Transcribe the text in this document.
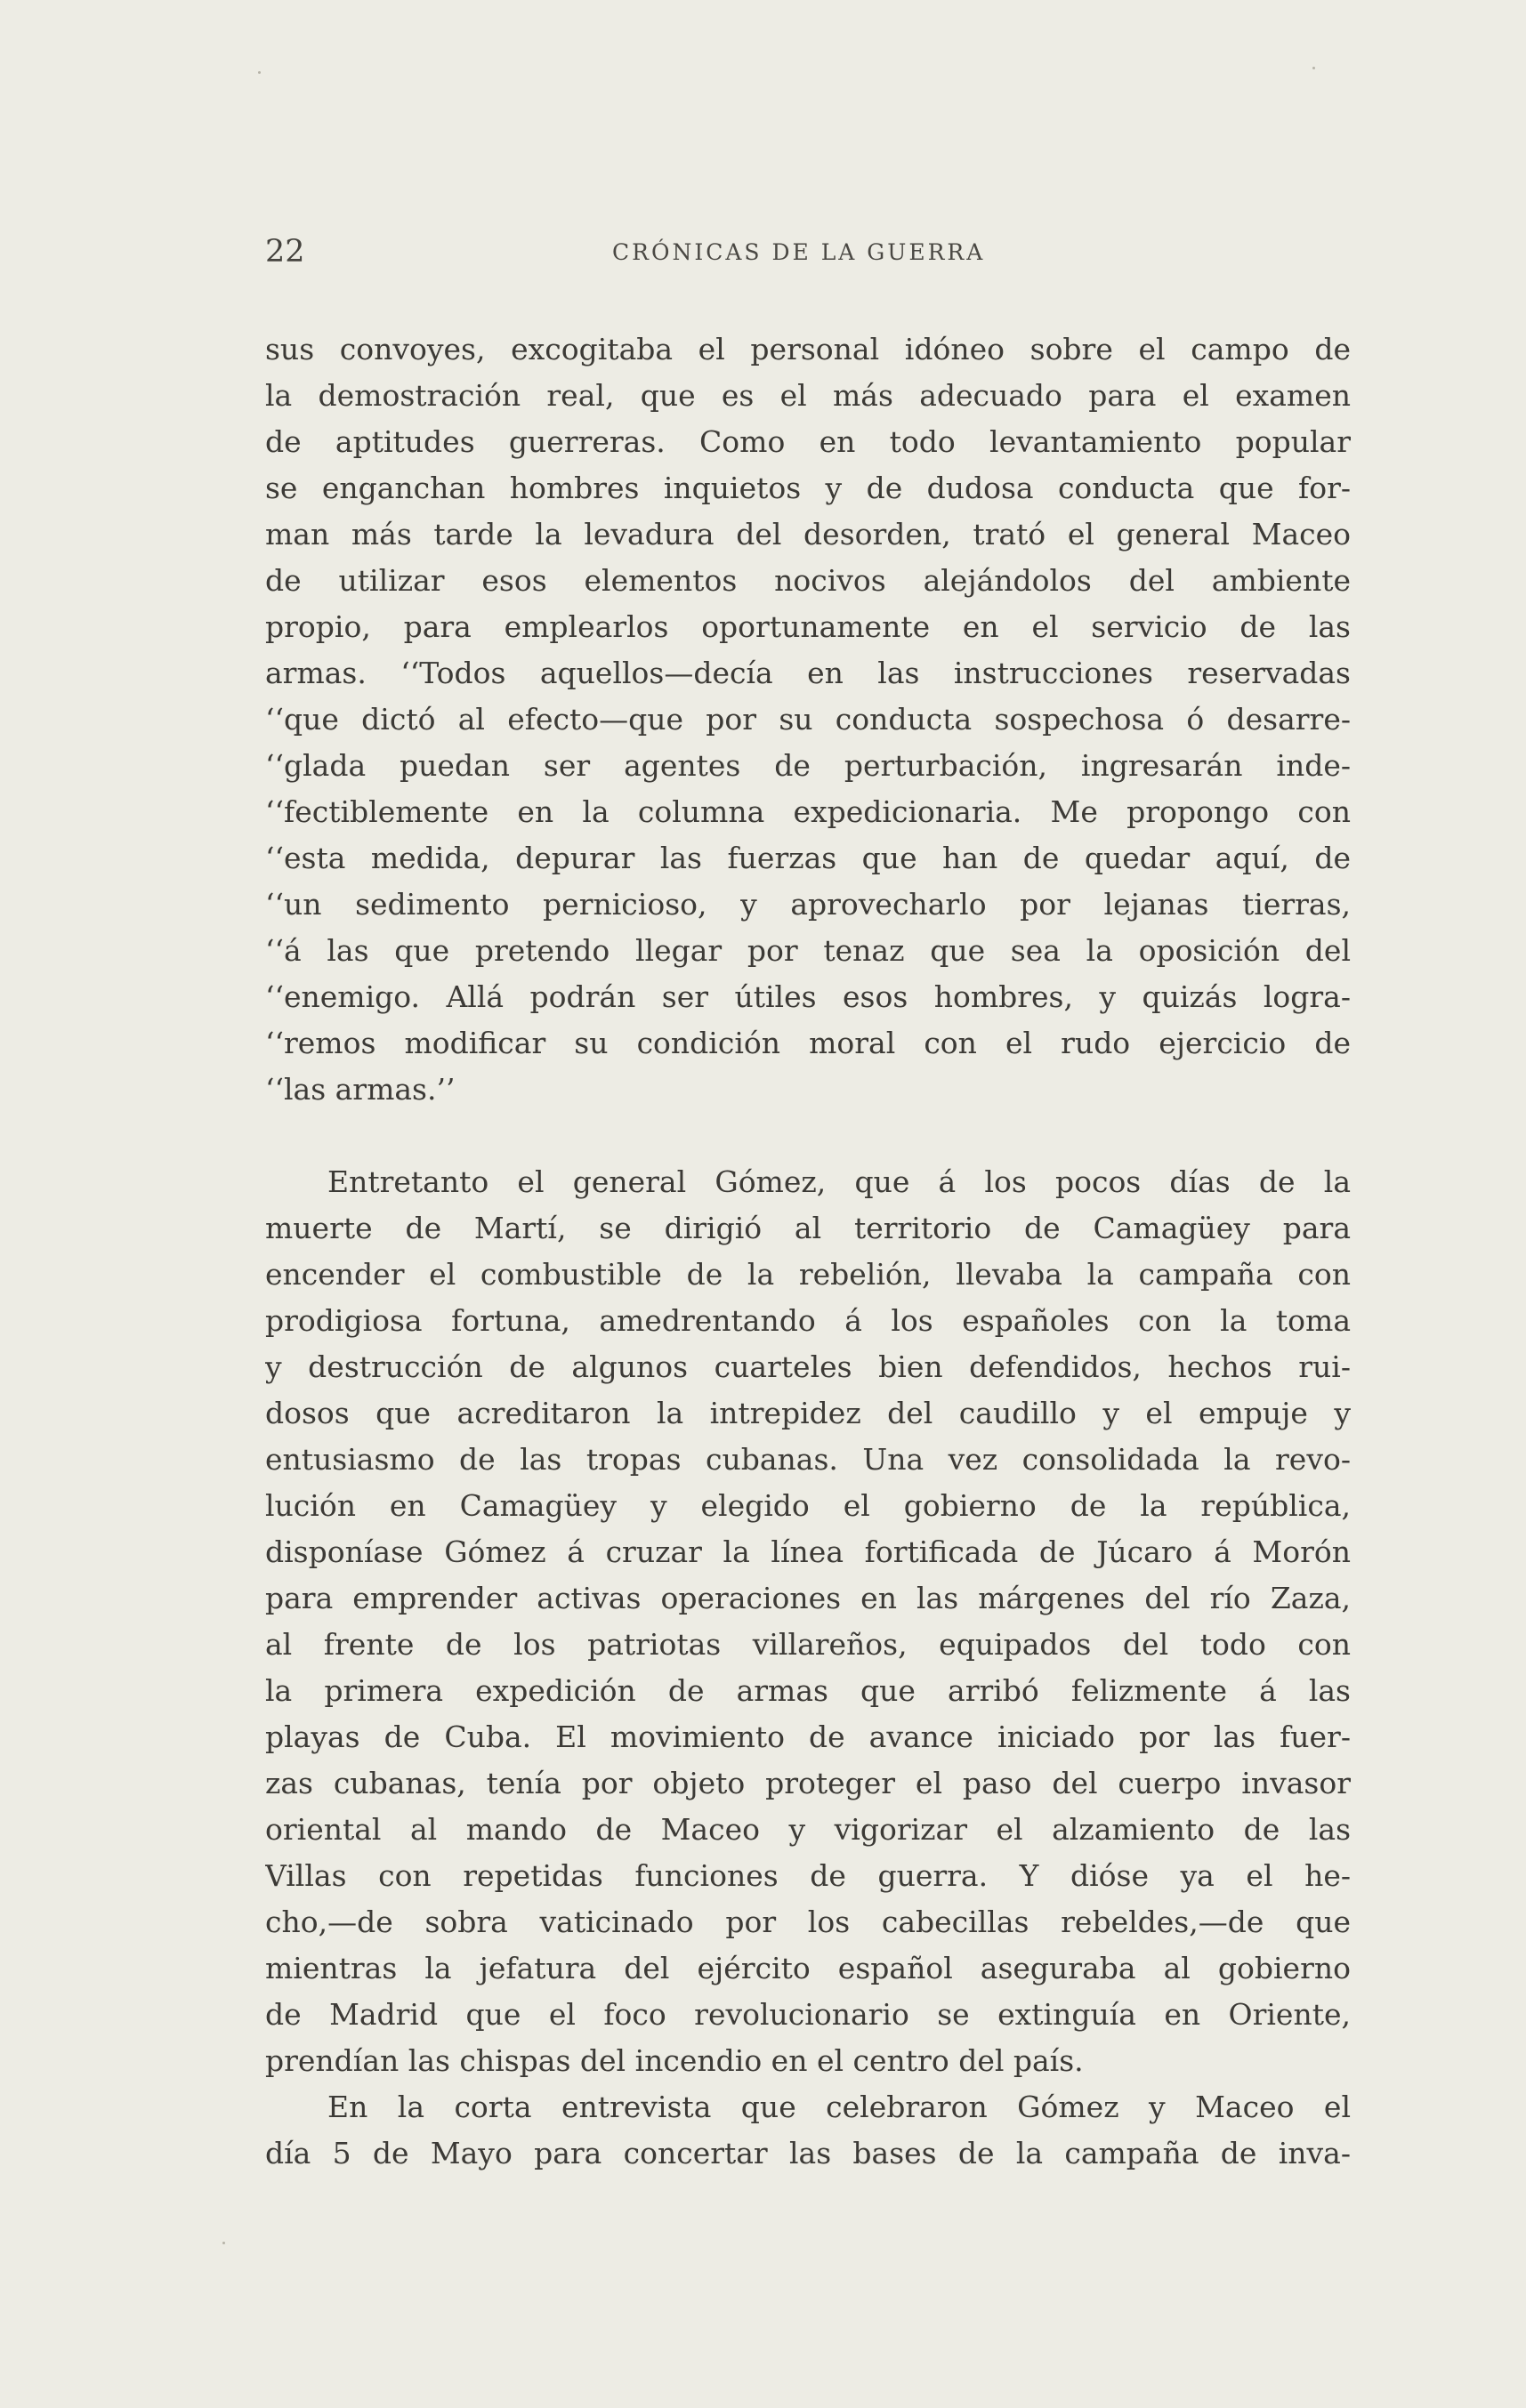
22	CRÓNICAS DE LA GUERRA
sus convoyes, excogitaba el personal idóneo sobre el campo de
la demostración real, que es el más adecuado para el examen
de aptitudes guerreras. Como en todo levantamiento popular
se enganchan hombres inquietos y de dudosa conducta que for-
man más tarde la levadura del desorden, trató el general Maceo
de utilizar esos elementos nocivos alejándolos del ambiente
propio, para emplearlos oportunamente en el servicio de las
armas. ‘‘Todos aquellos—decía en las instrucciones reservadas
‘‘que dictó al efecto—que por su conducta sospechosa ó desarre-
‘‘glada puedan ser agentes de perturbación, ingresarán inde-
‘‘fectiblemente en la columna expedicionaria. Me propongo con
‘‘esta medida, depurar las fuerzas que han de quedar aquí, de
‘‘un sedimento pernicioso, y aprovecharlo por lejanas tierras,
‘‘á las que pretendo llegar por tenaz que sea la oposición del
‘‘enemigo. Allá podrán ser útiles esos hombres, y quizás logra-
‘‘remos modificar su condición moral con el rudo ejercicio de
‘‘las armas.’’
Entretanto el general Gómez, que á los pocos días de la
muerte de Martí, se dirigió al territorio de Camagüey para
encender el combustible de la rebelión, llevaba la campaña con
prodigiosa fortuna, amedrentando á los españoles con la toma
y destrucción de algunos cuarteles bien defendidos, hechos rui-
dosos que acreditaron la intrepidez del caudillo y el empuje y
entusiasmo de las tropas cubanas. Una vez consolidada la revo-
lución en Camagüey y elegido el gobierno de la república,
disponíase Gómez á cruzar la línea fortificada de Júcaro á Morón
para emprender activas operaciones en las márgenes del río Zaza,
al frente de los patriotas villareños, equipados del todo con
la primera expedición de armas que arribó felizmente á las
playas de Cuba. El movimiento de avance iniciado por las fuer-
zas cubanas, tenía por objeto proteger el paso del cuerpo invasor
oriental al mando de Maceo y vigorizar el alzamiento de las
Villas con repetidas funciones de guerra. Y dióse ya el he-
cho,—de sobra vaticinado por los cabecillas rebeldes,—de que
mientras la jefatura del ejército español aseguraba al gobierno
de Madrid que el foco revolucionario se extinguía en Oriente,
prendían las chispas del incendio en el centro del país.
En la corta entrevista que celebraron Gómez y Maceo el
día 5 de Mayo para concertar las bases de la campaña de inva-
